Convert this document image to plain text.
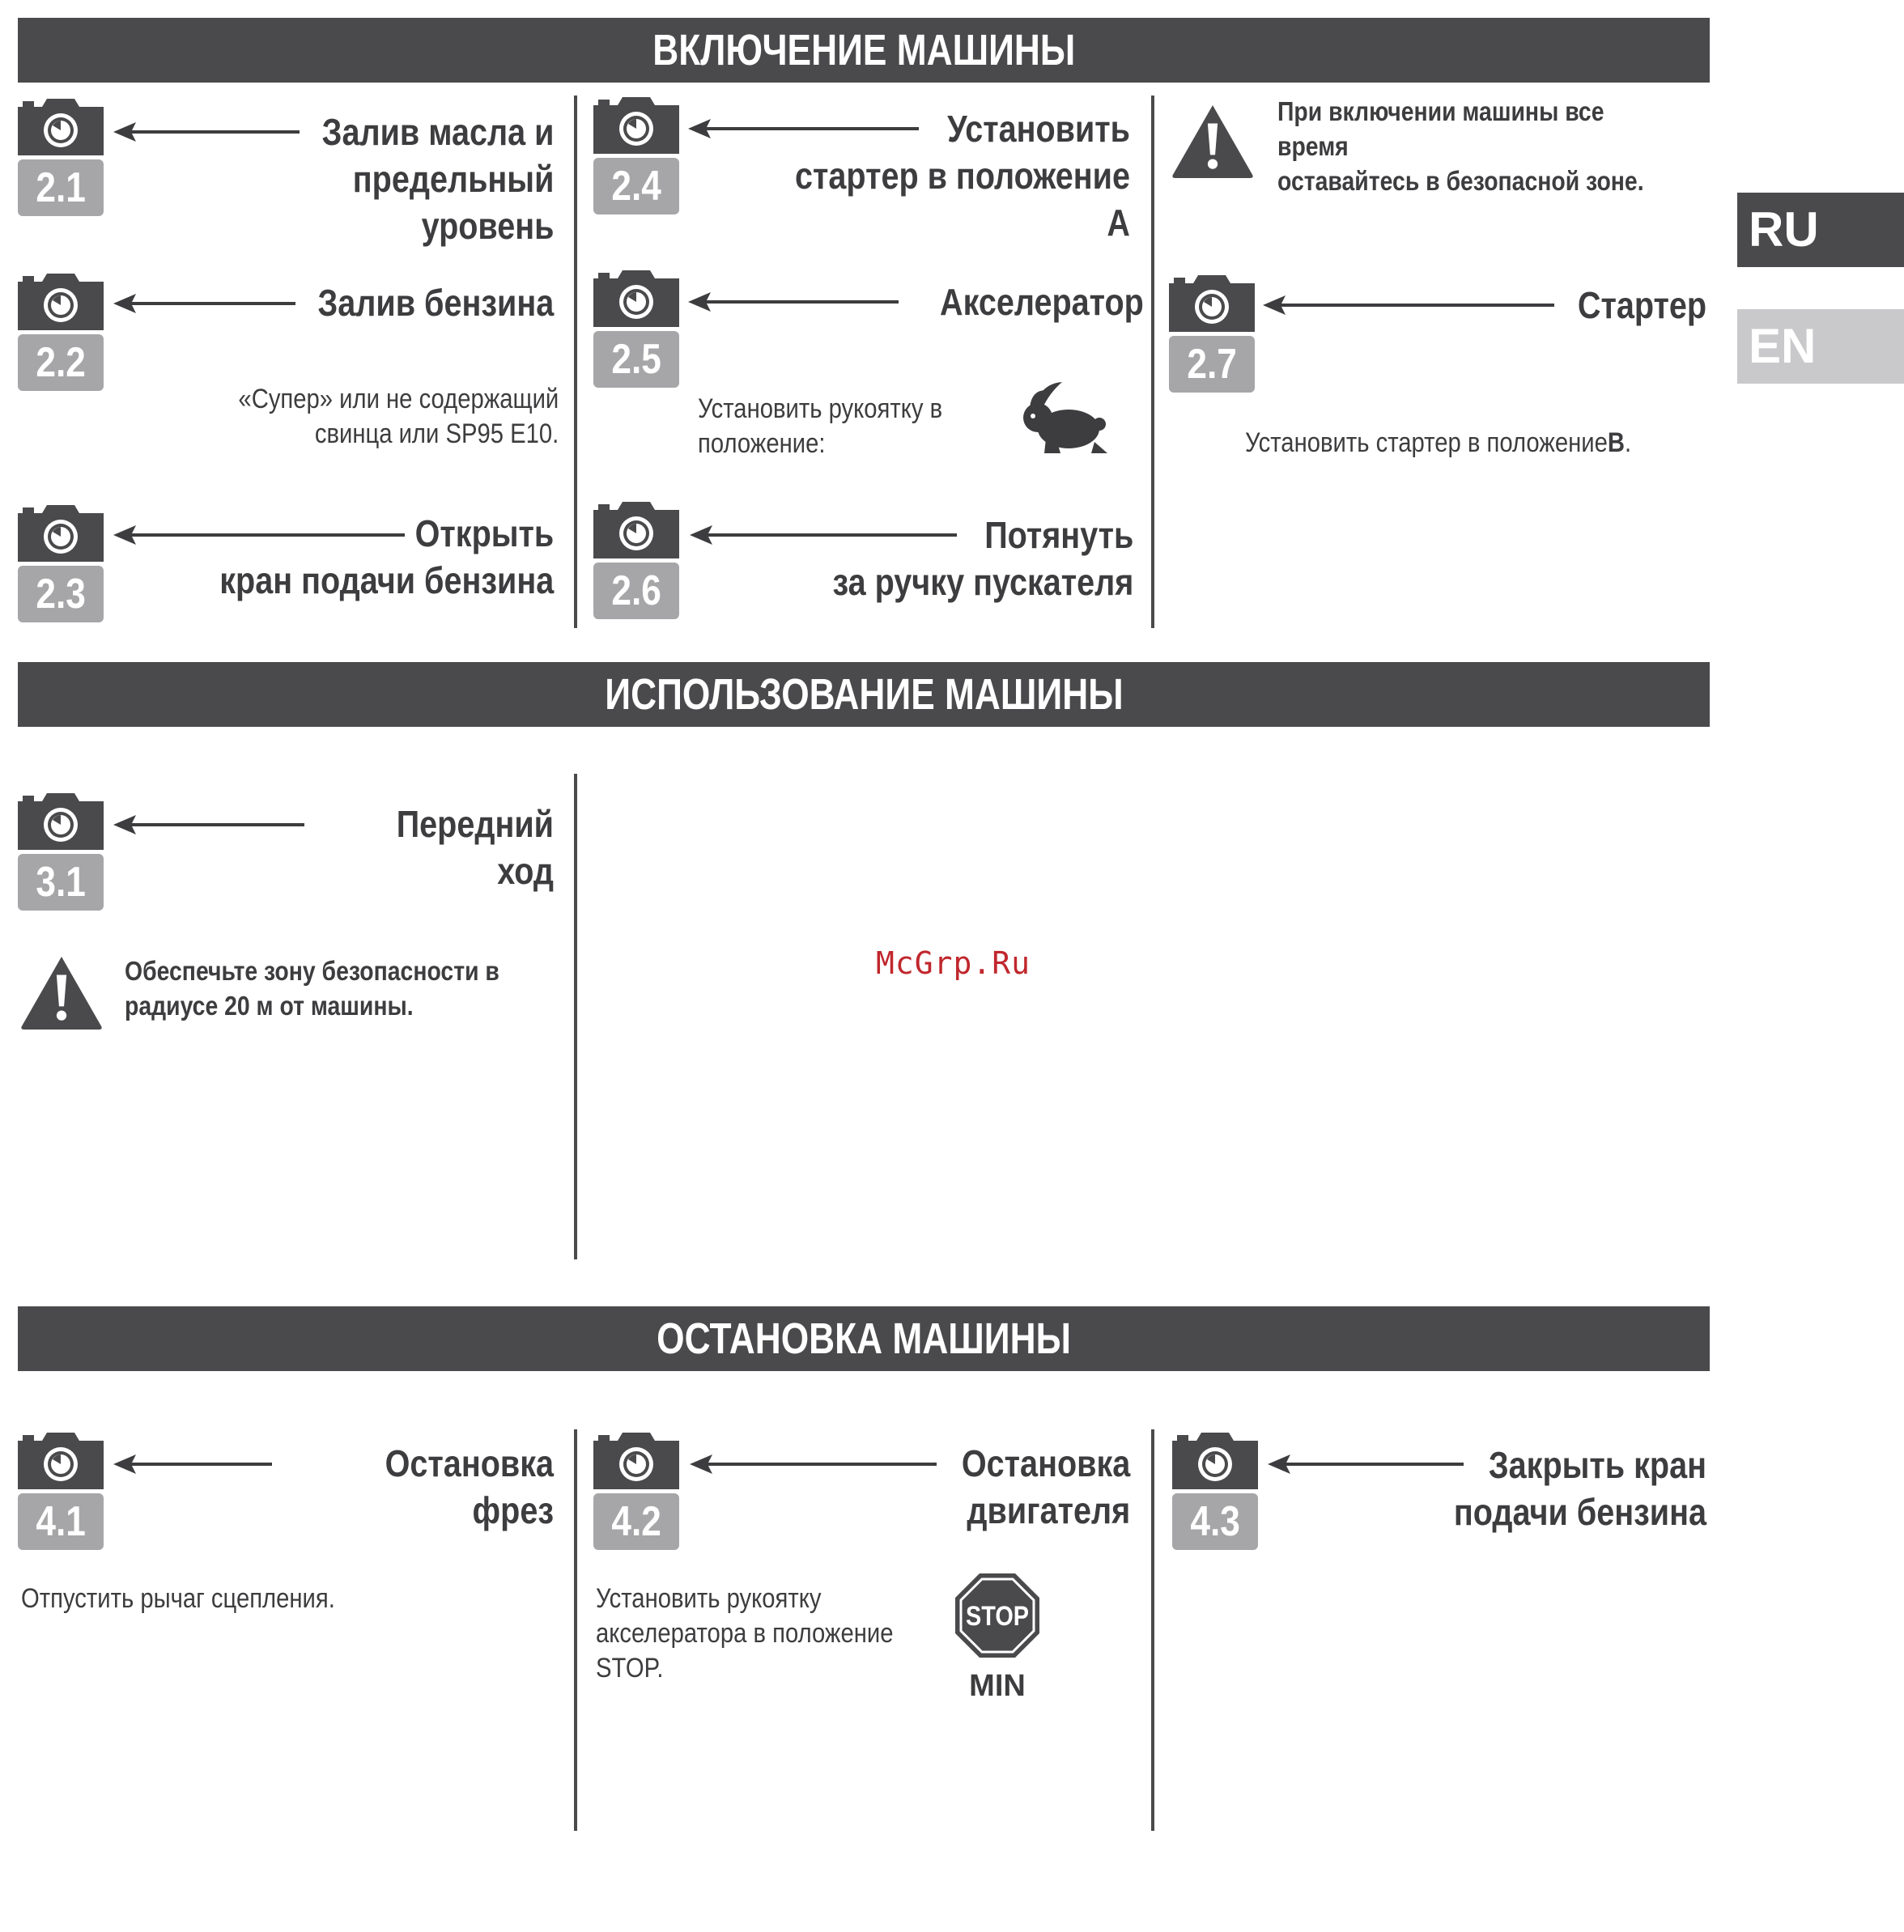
ВКЛЮЧЕНИЕ МАШИНЫ
ИСПОЛЬЗОВАНИЕ МАШИНЫ
ОСТАНОВКА МАШИНЫ
2.1
Залив масла и
предельный
уровень
2.2
Залив бензина
«Супер» или не содержащий
свинца или SP95 E10.
2.3
Открыть
кран подачи бензина
2.4
Установить
стартер в положение A
2.5
Акселератор
Установить рукоятку в
положение:
2.6
Потянуть
за ручку пускателя
При включении машины все время
оставайтесь в безопасной зоне.
2.7
Стартер
Установить стартер в положениеB.
3.1
Передний ход
Обеспечьте зону безопасности в
радиусе 20 м от машины.
McGrp.Ru
4.1
Остановка фрез
Отпустить рычаг сцепления.
4.2
Остановка
двигателя
Установить рукоятку
акселератора в положение
STOP.
STOP
MIN
4.3
Закрыть кран
подачи бензина
RU
EN
